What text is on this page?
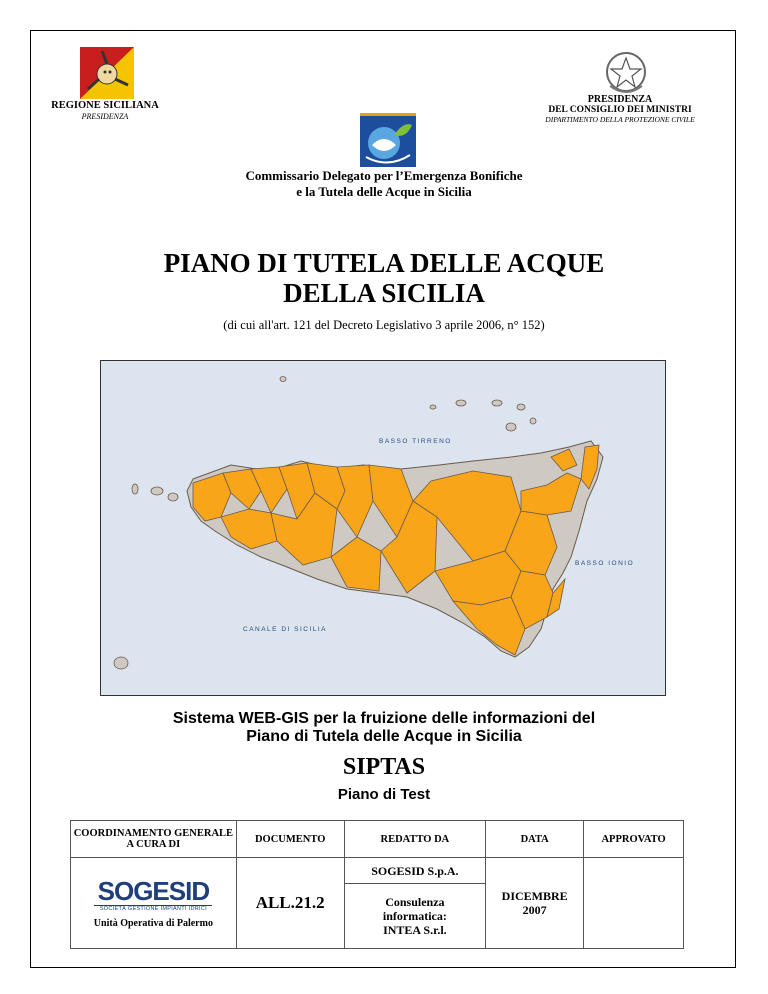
REGIONE SICILIANA
PRESIDENZA
PRESIDENZA
DEL CONSIGLIO DEI MINISTRI
DIPARTIMENTO DELLA PROTEZIONE CIVILE
Commissario Delegato per l’Emergenza Bonifiche
e la Tutela delle Acque in Sicilia
PIANO DI TUTELA DELLE ACQUE
DELLA SICILIA
(di cui all'art. 121 del Decreto Legislativo 3 aprile 2006, n° 152)
BASSO TIRRENO
BASSO IONIO
CANALE DI SICILIA
Sistema WEB-GIS per la fruizione delle informazioni del
Piano di Tutela delle Acque in Sicilia
SIPTAS
Piano di Test
COORDINAMENTO GENERALE A CURA DI	DOCUMENTO	REDATTO DA	DATA	APPROVATO

SOGESID
SOCIETÀ GESTIONE IMPIANTI IDRICI
Unità Operativa di Palermo	ALL.21.2	SOGESID S.p.A.	DICEMBRE 2007	

		Consulenza
informatica:
INTEA S.r.l.		
